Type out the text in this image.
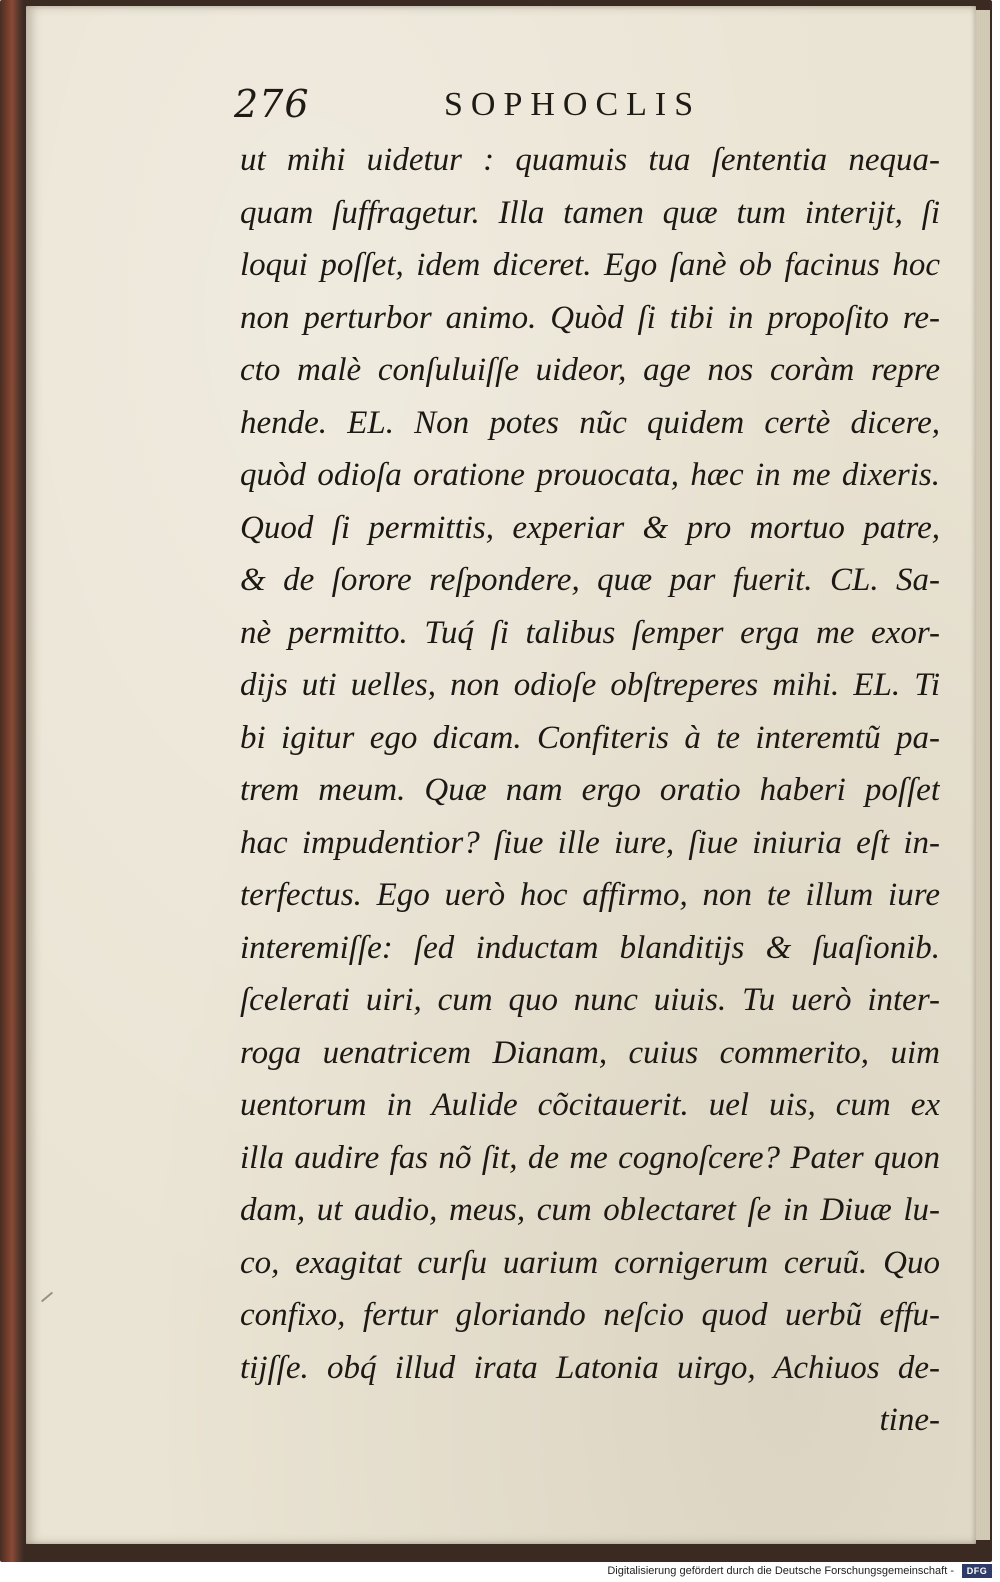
276	SOPHOCLIS
ut mihi uidetur : quamuis tua ſententia nequa-
quam ſuffragetur. Illa tamen quæ tum interijt, ſi
loqui poſſet, idem diceret. Ego ſanè ob facinus hoc
non perturbor animo. Quòd ſi tibi in propoſito re-
cto malè conſuluiſſe uideor, age nos coràm repre
hende. EL. Non potes nũc quidem certè dicere,
quòd odioſa oratione prouocata, hæc in me dixeris.
Quod ſi permittis, experiar & pro mortuo patre,
& de ſorore reſpondere, quæ par fuerit. CL. Sa-
nè permitto. Tuq́ ſi talibus ſemper erga me exor-
dijs uti uelles, non odioſe obſtreperes mihi. EL. Ti
bi igitur ego dicam. Confiteris à te interemtũ pa-
trem meum. Quæ nam ergo oratio haberi poſſet
hac impudentior? ſiue ille iure, ſiue iniuria eſt in-
terfectus. Ego uerò hoc affirmo, non te illum iure
interemiſſe: ſed inductam blanditijs & ſuaſionib.
ſcelerati uiri, cum quo nunc uiuis. Tu uerò inter-
roga uenatricem Dianam, cuius commerito, uim
uentorum in Aulide cõcitauerit. uel uis, cum ex
illa audire fas nõ ſit, de me cognoſcere? Pater quon
dam, ut audio, meus, cum oblectaret ſe in Diuæ lu-
co, exagitat curſu uarium cornigerum ceruũ. Quo
confixo, fertur gloriando neſcio quod uerbũ effu-
tijſſe. obq́ illud irata Latonia uirgo, Achiuos de-
tine-
Digitalisierung gefördert durch die Deutsche Forschungsgemeinschaft -	DFG
